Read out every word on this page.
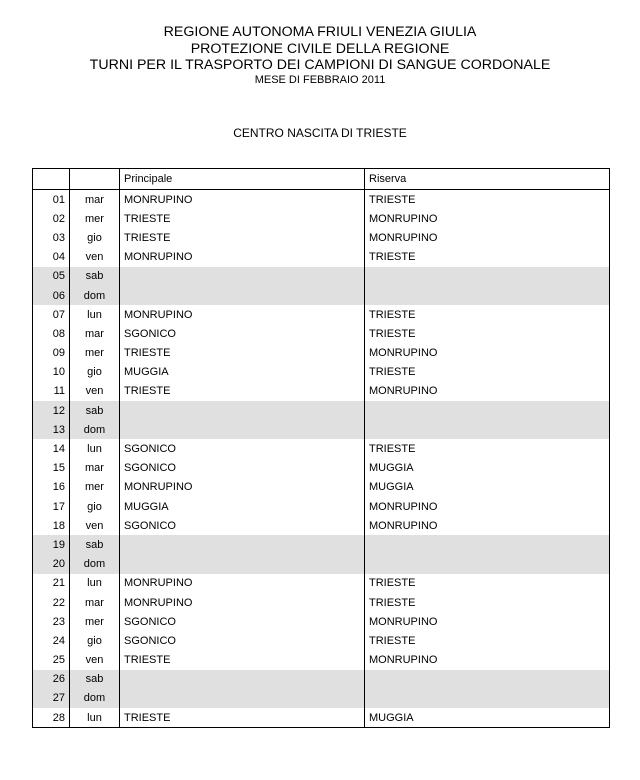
REGIONE AUTONOMA FRIULI VENEZIA GIULIA
PROTEZIONE CIVILE DELLA REGIONE
TURNI PER IL TRASPORTO DEI CAMPIONI DI SANGUE CORDONALE
MESE DI FEBBRAIO 2011
CENTRO NASCITA DI TRIESTE
		Principale	Riserva
01	mar	MONRUPINO	TRIESTE
02	mer	TRIESTE	MONRUPINO
03	gio	TRIESTE	MONRUPINO
04	ven	MONRUPINO	TRIESTE
05	sab		
06	dom		
07	lun	MONRUPINO	TRIESTE
08	mar	SGONICO	TRIESTE
09	mer	TRIESTE	MONRUPINO
10	gio	MUGGIA	TRIESTE
11	ven	TRIESTE	MONRUPINO
12	sab		
13	dom		
14	lun	SGONICO	TRIESTE
15	mar	SGONICO	MUGGIA
16	mer	MONRUPINO	MUGGIA
17	gio	MUGGIA	MONRUPINO
18	ven	SGONICO	MONRUPINO
19	sab		
20	dom		
21	lun	MONRUPINO	TRIESTE
22	mar	MONRUPINO	TRIESTE
23	mer	SGONICO	MONRUPINO
24	gio	SGONICO	TRIESTE
25	ven	TRIESTE	MONRUPINO
26	sab		
27	dom		
28	lun	TRIESTE	MUGGIA
